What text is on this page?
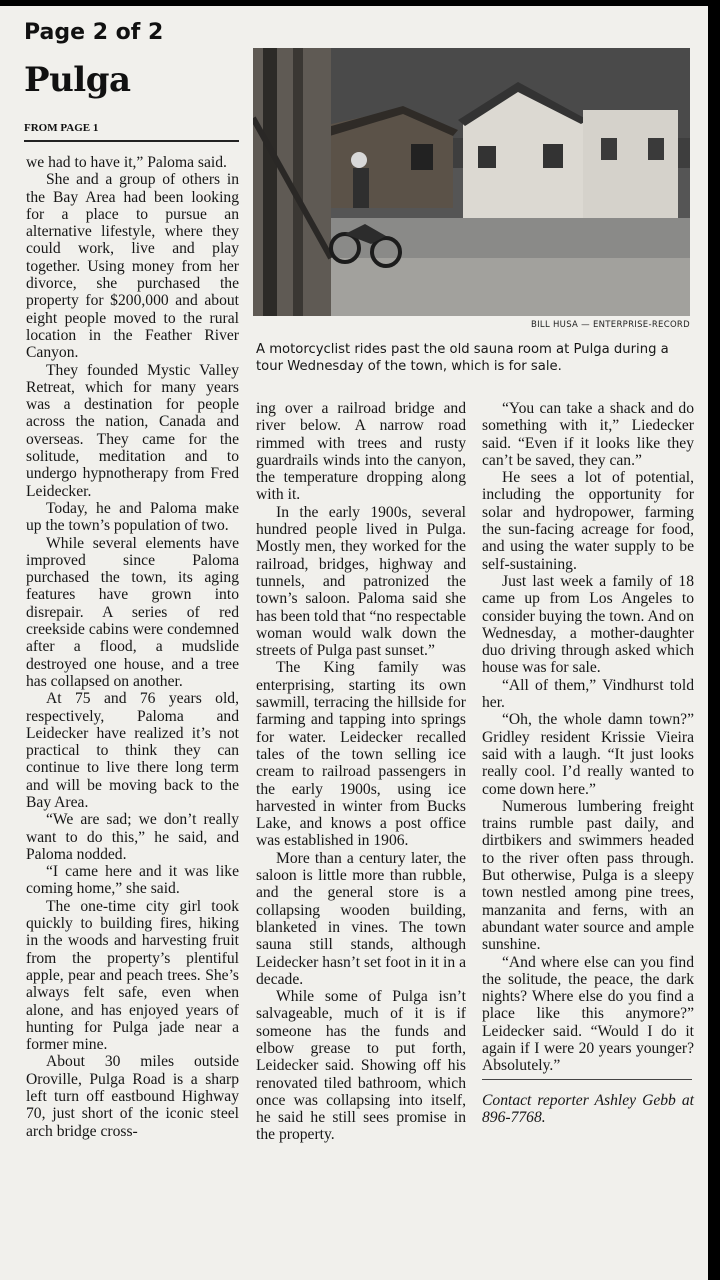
Page 2 of 2
Pulga
FROM PAGE 1
BILL HUSA — ENTERPRISE-RECORD
A motorcyclist rides past the old sauna room at Pulga during a tour Wednesday of the town, which is for sale.

we had to have it,” Paloma said.

She and a group of others in the Bay Area had been looking for a place to pursue an alternative lifestyle, where they could work, live and play together. Using money from her divorce, she purchased the property for $200,000 and about eight people moved to the rural location in the Feather River Canyon.

They founded Mystic Valley Retreat, which for many years was a destination for people across the nation, Canada and overseas. They came for the solitude, meditation and to undergo hypnotherapy from Fred Leidecker.

Today, he and Paloma make up the town’s population of two.

While several elements have improved since Paloma purchased the town, its aging features have grown into disrepair. A series of red creekside cabins were condemned after a flood, a mudslide destroyed one house, and a tree has collapsed on another.

At 75 and 76 years old, respectively, Paloma and Leidecker have realized it’s not practical to think they can continue to live there long term and will be moving back to the Bay Area.

“We are sad; we don’t really want to do this,” he said, and Paloma nodded.

“I came here and it was like coming home,” she said.

The one-time city girl took quickly to building fires, hiking in the woods and harvesting fruit from the property’s plentiful apple, pear and peach trees. She’s always felt safe, even when alone, and has enjoyed years of hunting for Pulga jade near a former mine.

About 30 miles outside Oroville, Pulga Road is a sharp left turn off eastbound Highway 70, just short of the iconic steel arch bridge cross-

ing over a railroad bridge and river below. A narrow road rimmed with trees and rusty guardrails winds into the canyon, the temperature dropping along with it.

In the early 1900s, several hundred people lived in Pulga. Mostly men, they worked for the railroad, bridges, highway and tunnels, and patronized the town’s saloon. Paloma said she has been told that “no respectable woman would walk down the streets of Pulga past sunset.”

The King family was enterprising, starting its own sawmill, terracing the hillside for farming and tapping into springs for water. Leidecker recalled tales of the town selling ice cream to railroad passengers in the early 1900s, using ice harvested in winter from Bucks Lake, and knows a post office was established in 1906.

More than a century later, the saloon is little more than rubble, and the general store is a collapsing wooden building, blanketed in vines. The town sauna still stands, although Leidecker hasn’t set foot in it in a decade.

While some of Pulga isn’t salvageable, much of it is if someone has the funds and elbow grease to put forth, Leidecker said. Showing off his renovated tiled bathroom, which once was collapsing into itself, he said he still sees promise in the property.

“You can take a shack and do something with it,” Liedecker said. “Even if it looks like they can’t be saved, they can.”

He sees a lot of potential, including the opportunity for solar and hydropower, farming the sun-facing acreage for food, and using the water supply to be self-sustaining.

Just last week a family of 18 came up from Los Angeles to consider buying the town. And on Wednesday, a mother-daughter duo driving through asked which house was for sale.

“All of them,” Vindhurst told her.

“Oh, the whole damn town?” Gridley resident Krissie Vieira said with a laugh. “It just looks really cool. I’d really wanted to come down here.”

Numerous lumbering freight trains rumble past daily, and dirtbikers and swimmers headed to the river often pass through. But otherwise, Pulga is a sleepy town nestled among pine trees, manzanita and ferns, with an abundant water source and ample sunshine.

“And where else can you find the solitude, the peace, the dark nights? Where else do you find a place like this anymore?” Leidecker said. “Would I do it again if I were 20 years younger? Absolutely.”

Contact reporter Ashley Gebb at 896-7768.
